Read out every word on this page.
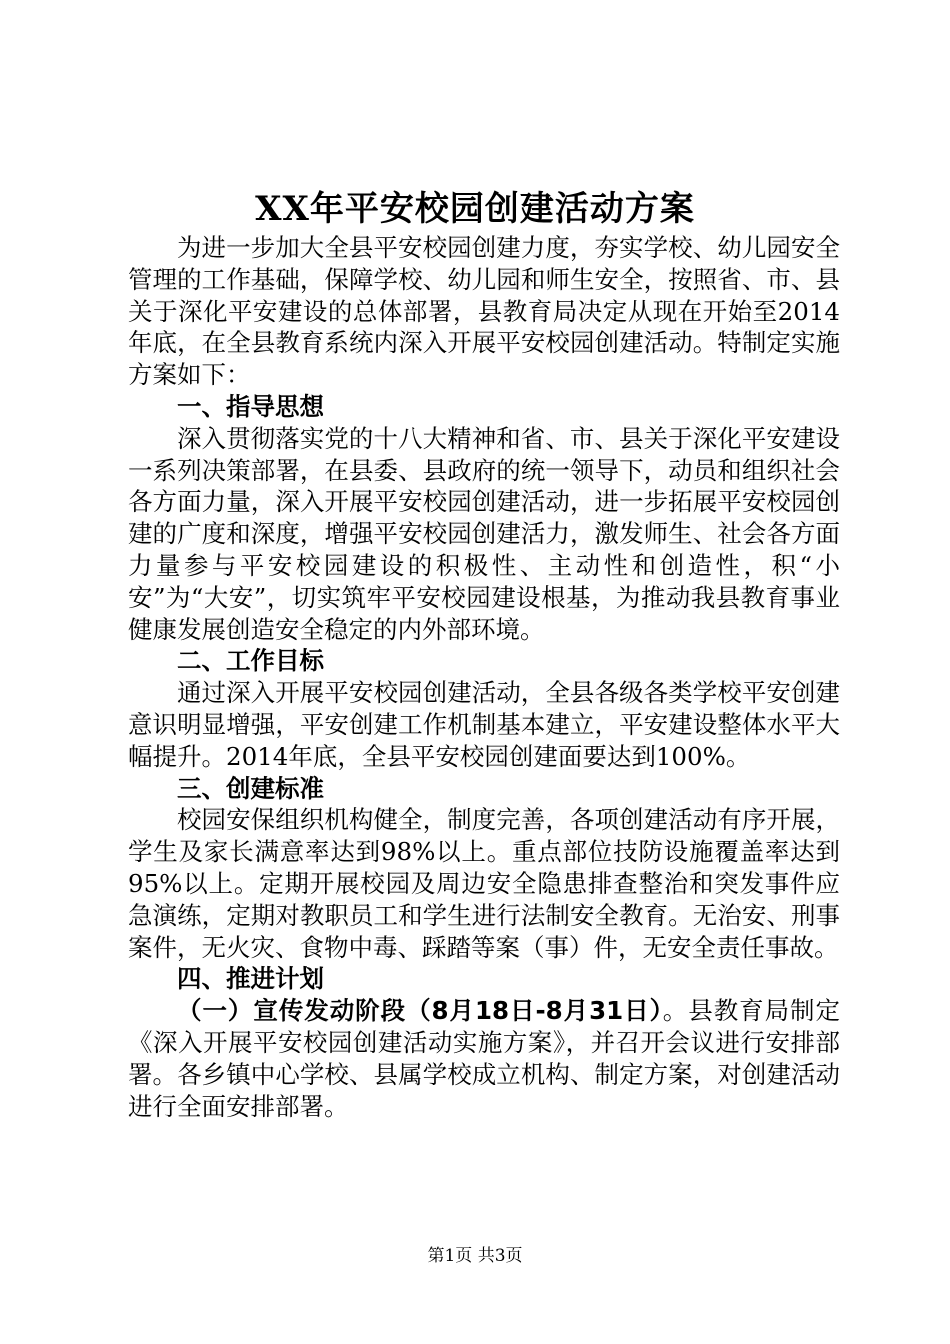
XX年平安校园创建活动方案

为进一步加大全县平安校园创建力度，夯实学校、幼儿园安全管理的工作基础，保障学校、幼儿园和师生安全，按照省、市、县关于深化平安建设的总体部署，县教育局决定从现在开始至2014年底，在全县教育系统内深入开展平安校园创建活动。特制定实施方案如下：

一、指导思想

深入贯彻落实党的十八大精神和省、市、县关于深化平安建设一系列决策部署，在县委、县政府的统一领导下，动员和组织社会各方面力量，深入开展平安校园创建活动，进一步拓展平安校园创建的广度和深度，增强平安校园创建活力，激发师生、社会各方面力量参与平安校园建设的积极性、主动性和创造性，积“小安”为“大安”，切实筑牢平安校园建设根基，为推动我县教育事业健康发展创造安全稳定的内外部环境。

二、工作目标

通过深入开展平安校园创建活动，全县各级各类学校平安创建意识明显增强，平安创建工作机制基本建立，平安建设整体水平大幅提升。2014年底，全县平安校园创建面要达到100%。

三、创建标准

校园安保组织机构健全，制度完善，各项创建活动有序开展，学生及家长满意率达到98%以上。重点部位技防设施覆盖率达到95%以上。定期开展校园及周边安全隐患排查整治和突发事件应急演练，定期对教职员工和学生进行法制安全教育。无治安、刑事案件，无火灾、食物中毒、踩踏等案（事）件，无安全责任事故。

四、推进计划

（一）宣传发动阶段（8月18日-8月31日）。县教育局制定《深入开展平安校园创建活动实施方案》，并召开会议进行安排部署。各乡镇中心学校、县属学校成立机构、制定方案，对创建活动进行全面安排部署。

第1页 共3页
